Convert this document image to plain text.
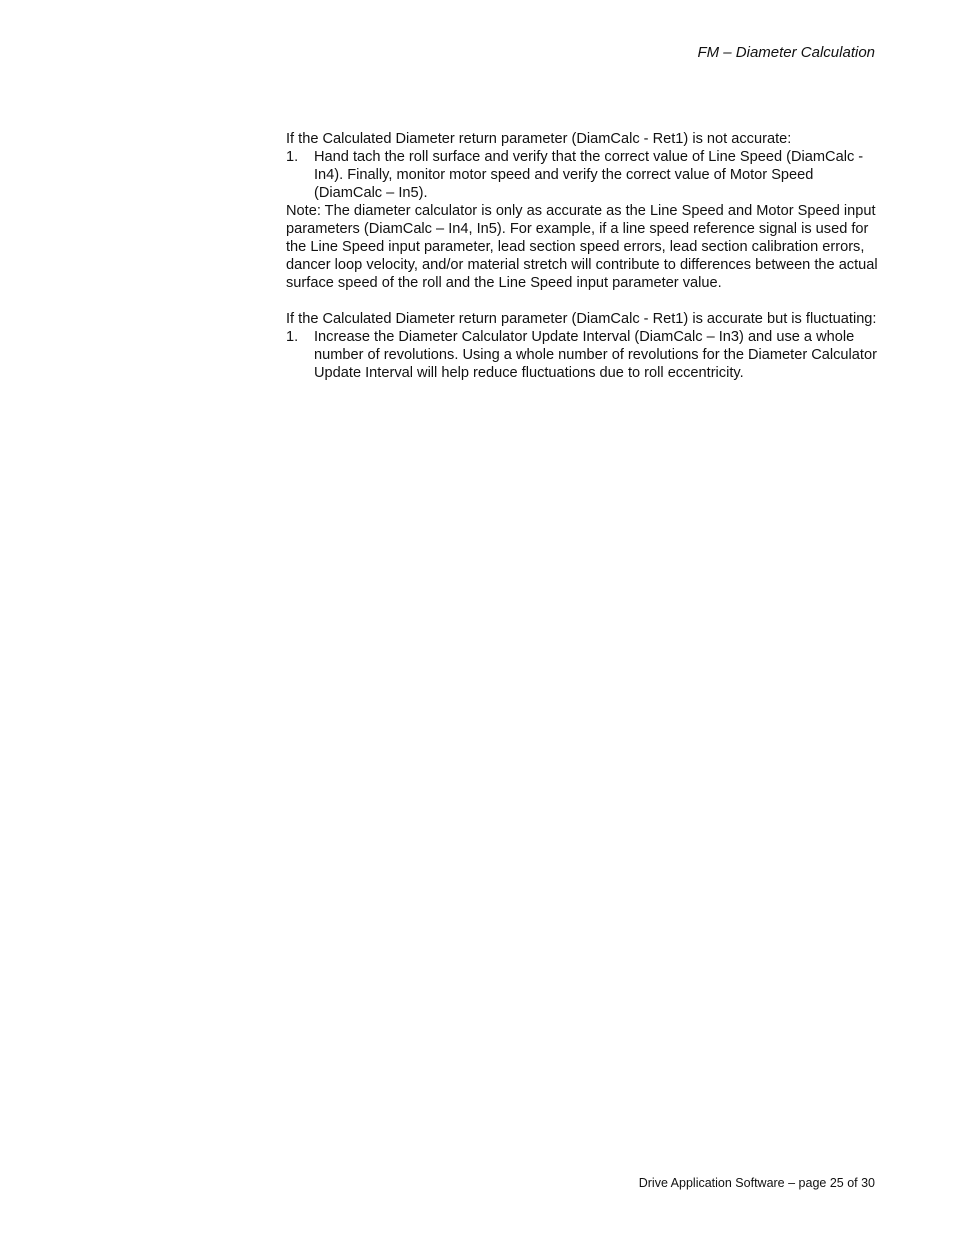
FM – Diameter Calculation

If the Calculated Diameter return parameter (DiamCalc - Ret1) is not accurate:

1.	Hand tach the roll surface and verify that the correct value of Line Speed (DiamCalc - In4). Finally, monitor motor speed and verify the correct value of Motor Speed (DiamCalc – In5).

Note: The diameter calculator is only as accurate as the Line Speed and Motor Speed input parameters (DiamCalc – In4, In5). For example, if a line speed reference signal is used for the Line Speed input parameter, lead section speed errors, lead section calibration errors, dancer loop velocity, and/or material stretch will contribute to differences between the actual surface speed of the roll and the Line Speed input parameter value.

If the Calculated Diameter return parameter (DiamCalc - Ret1) is accurate but is fluctuating:

1.	Increase the Diameter Calculator Update Interval (DiamCalc – In3) and use a whole number of revolutions. Using a whole number of revolutions for the Diameter Calculator Update Interval will help reduce fluctuations due to roll eccentricity.
Drive Application Software – page 25 of 30
